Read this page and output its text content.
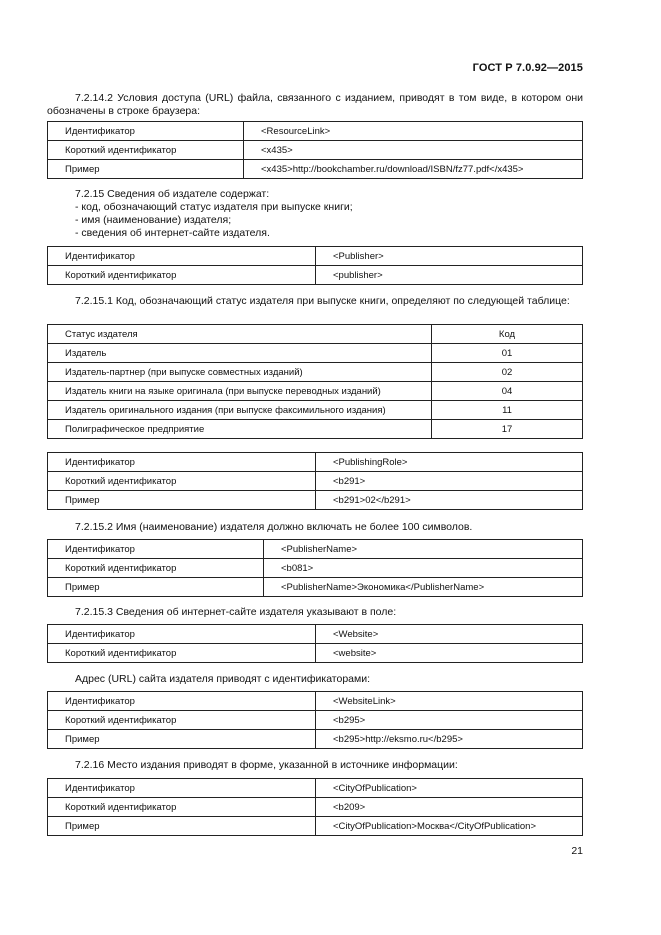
ГОСТ Р 7.0.92—2015
7.2.14.2 Условия доступа (URL) файла, связанного с изданием, приводят в том виде, в котором они обозначены в строке браузера:
Идентификатор	<ResourceLink>
Короткий идентификатор	<x435>
Пример	<x435>http://bookchamber.ru/download/ISBN/fz77.pdf</x435>
7.2.15 Сведения об издателе содержат:
- код, обозначающий статус издателя при выпуске книги;
- имя (наименование) издателя;
- сведения об интернет-сайте издателя.
Идентификатор	<Publisher>
Короткий идентификатор	<publisher>
7.2.15.1 Код, обозначающий статус издателя при выпуске книги, определяют по следующей таблице:
Статус издателя	Код
Издатель	01
Издатель-партнер (при выпуске совместных изданий)	02
Издатель книги на языке оригинала (при выпуске переводных изданий)	04
Издатель оригинального издания (при выпуске факсимильного издания)	11
Полиграфическое предприятие	17
Идентификатор	<PublishingRole>
Короткий идентификатор	<b291>
Пример	<b291>02</b291>
7.2.15.2 Имя (наименование) издателя должно включать не более 100 символов.
Идентификатор	<PublisherName>
Короткий идентификатор	<b081>
Пример	<PublisherName>Экономика</PublisherName>
7.2.15.3 Сведения об интернет-сайте издателя указывают в поле:
Идентификатор	<Website>
Короткий идентификатор	<website>
Адрес (URL) сайта издателя приводят с идентификаторами:
Идентификатор	<WebsiteLink>
Короткий идентификатор	<b295>
Пример	<b295>http://eksmo.ru</b295>
7.2.16 Место издания приводят в форме, указанной в источнике информации:
Идентификатор	<CityOfPublication>
Короткий идентификатор	<b209>
Пример	<CityOfPublication>Москва</CityOfPublication>
21
